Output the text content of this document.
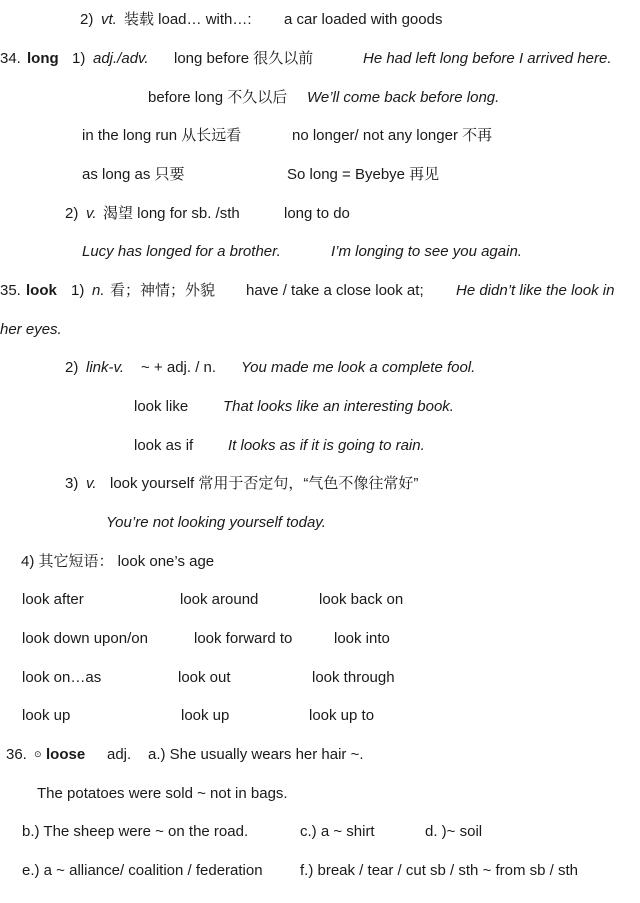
2) vt. 装载 load… with…: a car loaded with goods
34. long 1) adj./adv. long before 很久以前	He had left long before I arrived here.
before long 不久以后 We’ll come back before long.
in the long run 从长远看	no longer/ not any longer 不再
as long as 只要	So long = Byebye 再见
2) v. 渴望 long for sb. /sth	long to do
Lucy has longed for a brother.	I’m longing to see you again.
35. look 1) n. 看；神情；外貌 have / take a close look at; He didn’t like the look in
her eyes.
2) link-v. ~ + adj. / n. You made me look a complete fool.
look like That looks like an interesting book.
look as if It looks as if it is going to rain.
3) v. look yourself 常用于否定句，“气色不像往常好”
You’re not looking yourself today.
4) 其它短语： look one’s age
look after	look around	look back on
look down upon/on	look forward to	look into
look on…as	look out	look through
look up	look up	look up to
36. ⊙ loose adj. a.) She usually wears her hair ~.
The potatoes were sold ~ not in bags.
b.) The sheep were ~ on the road.	c.) a ~ shirt	d. )~ soil
e.) a ~ alliance/ coalition / federation f.) break / tear / cut sb / sth ~ from sb / sth
